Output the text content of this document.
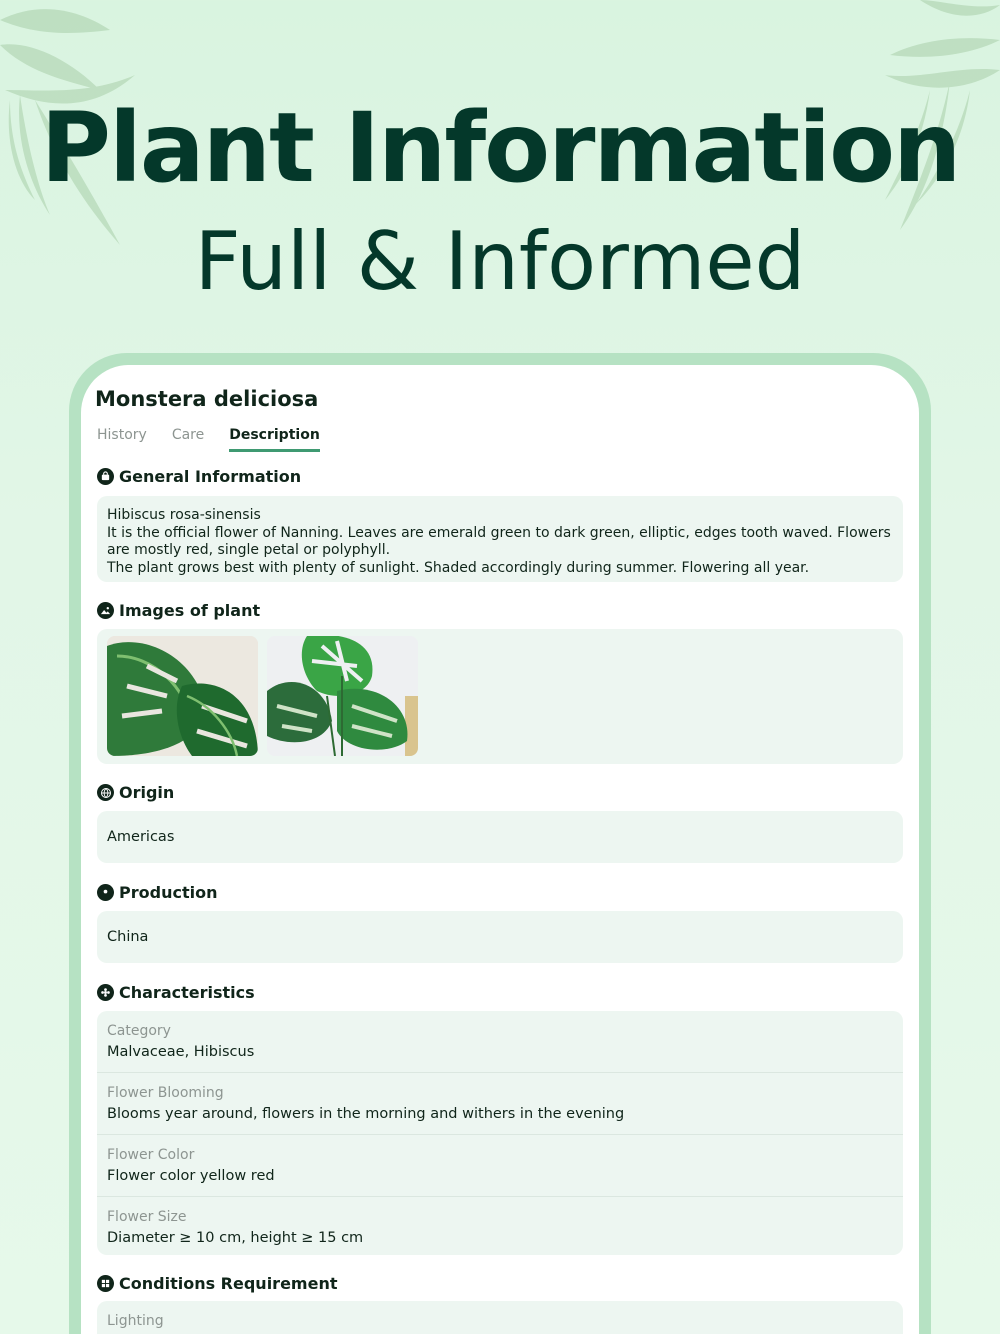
Plant Information
Full & Informed
Monstera deliciosa
History Care Description
General Information
Hibiscus rosa-sinensis
It is the official flower of Nanning. Leaves are emerald green to dark green, elliptic, edges tooth waved. Flowers are mostly red, single petal or polyphyll.
The plant grows best with plenty of sunlight. Shaded accordingly during summer. Flowering all year.
Images of plant
Origin
Americas
Production
China
Characteristics
Category
Malvaceae, Hibiscus
Flower Blooming
Blooms year around, flowers in the morning and withers in the evening
Flower Color
Flower color yellow red
Flower Size
Diameter ≥ 10 cm, height ≥ 15 cm
Conditions Requirement
Lighting
